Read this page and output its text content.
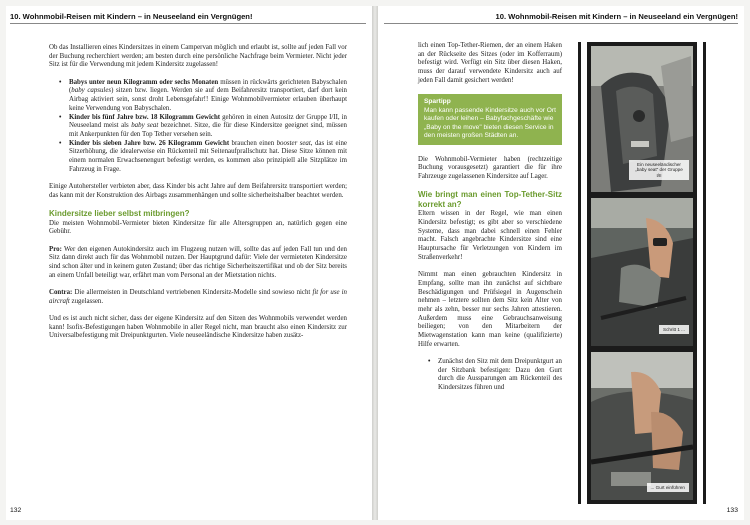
10. Wohnmobil-Reisen mit Kindern – in Neuseeland ein Vergnügen!

Ob das Installieren eines Kindersitzes in einem Campervan möglich und erlaubt ist, sollte auf jeden Fall vor der Buchung recherchiert werden; am besten durch eine persönliche Nachfrage beim Vermieter. Nicht jeder Sitz ist für die Verwendung mit jedem Kindersitz zugelassen!

• Babys unter neun Kilogramm oder sechs Monaten müssen in rückwärts gerichteten Babyschalen (baby capsules) sitzen bzw. liegen. Werden sie auf dem Beifahrersitz transportiert, darf dort kein Airbag aktiviert sein, sonst droht Lebensgefahr!! Einige Wohnmobilvermieter erlauben überhaupt keine Verwendung von Babyschalen.
• Kinder bis fünf Jahre bzw. 18 Kilogramm Gewicht gehören in einen Autositz der Gruppe I/II, in Neuseeland meist als baby seat bezeichnet. Sitze, die für diese Kindersitze geeignet sind, müssen mit Ankerpunkten für den Top Tether versehen sein.
• Kinder bis sieben Jahre bzw. 26 Kilogramm Gewicht brauchen einen booster seat, das ist eine Sitzerhöhung, die idealerweise ein Rückenteil mit Seitenaufprallschutz hat. Diese Sitze können mit einem normalen Erwachsenengurt befestigt werden, es kommen also prinzipiell alle Sitzplätze im Fahrzeug in Frage.

Einige Autohersteller verbieten aber, dass Kinder bis acht Jahre auf dem Beifahrersitz transportiert werden; das kann mit der Konstruktion des Airbags zusammenhängen und sollte sicherheitshalber beachtet werden.

Kindersitze lieber selbst mitbringen?

Die meisten Wohnmobil-Vermieter bieten Kindersitze für alle Altersgruppen an, natürlich gegen eine Gebühr.

Pro: Wer den eigenen Autokindersitz auch im Flugzeug nutzen will, sollte das auf jeden Fall tun und den Sitz dann direkt auch für das Wohnmobil nutzen. Der Hauptgrund dafür: Viele der vermieteten Kindersitze sind schon älter und in keinem guten Zustand; über das richtige Sicherheitszertifikat und ob der Sitz bereits an einem Unfall beteiligt war, erfährt man vom Personal an der Mietstation nichts.

Contra: Die allermeisten in Deutschland vertriebenen Kindersitz-Modelle sind sowieso nicht fit for use in aircraft zugelassen.

Und es ist auch nicht sicher, dass der eigene Kindersitz auf den Sitzen des Wohnmobils verwendet werden kann! Isofix-Befestigungen haben Wohnmobile in aller Regel nicht, man braucht also einen Kindersitz zur Universalbefestigung mit Dreipunktgurten. Viele neuseeländische Kindersitze haben zusätz-

132
10. Wohnmobil-Reisen mit Kindern – in Neuseeland ein Vergnügen!

lich einen Top-Tether-Riemen, der an einem Haken an der Rückseite des Sitzes (oder im Kofferraum) befestigt wird. Verfügt ein Sitz über diesen Haken, muss der darauf verwendete Kindersitz auch auf jeden Fall damit gesichert werden!

Spartipp
Man kann passende Kindersitze auch vor Ort kaufen oder leihen – Babyfachgeschäfte wie „Baby on the move" bieten diesen Service in den meisten großen Städten an.

Die Wohnmobil-Vermieter haben (rechtzeitige Buchung vorausgesetzt) garantiert die für ihre Fahrzeuge zugelassenen Kindersitze auf Lager.

Wie bringt man einen Top-Tether-Sitz korrekt an?

Eltern wissen in der Regel, wie man einen Kindersitz befestigt; es gibt aber so verschiedene Systeme, dass man dabei schnell einen Fehler macht. Falsch angebrachte Kindersitze sind eine Hauptursache für Verletzungen von Kindern im Straßenverkehr!

Nimmt man einen gebrauchten Kindersitz in Empfang, sollte man ihn zunächst auf sichtbare Beschädigungen und Prüfsiegel in Augenschein nehmen – letztere sollten dem Sitz kein Alter von mehr als zehn, besser nur sechs Jahren attestieren. Außerdem muss eine Gebrauchsanweisung beiliegen; von den Mitarbeitern der Mietwagenstation kann man keine (qualifizierte) Hilfe erwarten.

• Zunächst den Sitz mit dem Dreipunktgurt an der Sitzbank befestigen: Dazu den Gurt durch die Aussparungen am Rückenteil des Kindersitzes führen und
Ein neuseeländischer „baby seat" der Gruppe I/II
Schritt 1 ...
... Gurt einführen
133
